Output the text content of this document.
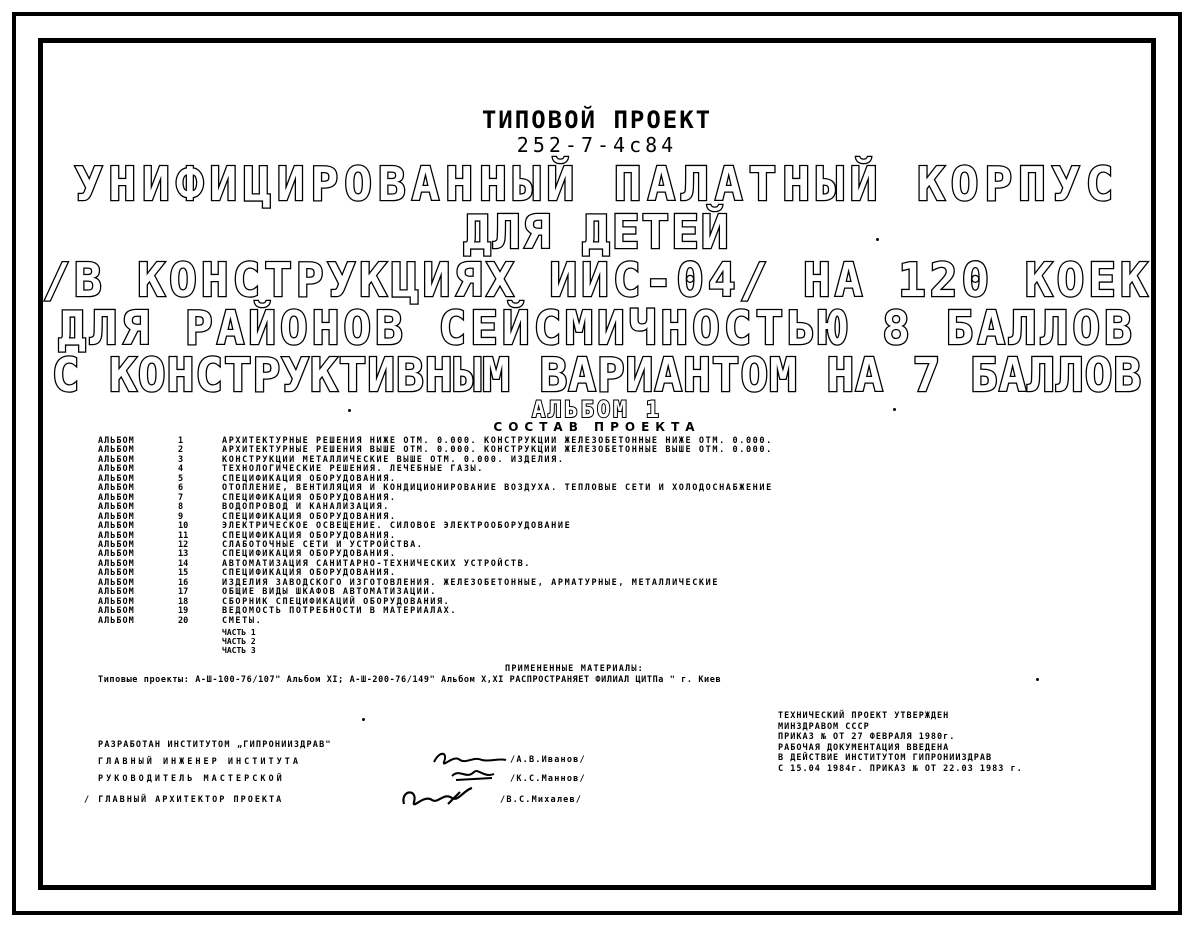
ТИПОВОЙ ПРОЕКТ
252-7-4с84
УНИФИЦИРОВАННЫЙ ПАЛАТНЫЙ КОРПУС
ДЛЯ ДЕТЕЙ
/В КОНСТРУКЦИЯХ ИИС-04/ НА 120 КОЕК
ДЛЯ РАЙОНОВ СЕЙСМИЧНОСТЬЮ 8 БАЛЛОВ
С КОНСТРУКТИВНЫМ ВАРИАНТОМ НА 7 БАЛЛОВ
АЛЬБОМ 1
СОСТАВ ПРОЕКТА
АЛЬБОМ	1	АРХИТЕКТУРНЫЕ РЕШЕНИЯ НИЖЕ ОТМ. 0.000. КОНСТРУКЦИИ ЖЕЛЕЗОБЕТОННЫЕ НИЖЕ ОТМ. 0.000.
АЛЬБОМ	2	АРХИТЕКТУРНЫЕ РЕШЕНИЯ ВЫШЕ ОТМ. 0.000. КОНСТРУКЦИИ ЖЕЛЕЗОБЕТОННЫЕ ВЫШЕ ОТМ. 0.000.
АЛЬБОМ	3	КОНСТРУКЦИИ МЕТАЛЛИЧЕСКИЕ ВЫШЕ ОТМ. 0.000. ИЗДЕЛИЯ.
АЛЬБОМ	4	ТЕХНОЛОГИЧЕСКИЕ РЕШЕНИЯ. ЛЕЧЕБНЫЕ ГАЗЫ.
АЛЬБОМ	5	СПЕЦИФИКАЦИЯ ОБОРУДОВАНИЯ.
АЛЬБОМ	6	ОТОПЛЕНИЕ, ВЕНТИЛЯЦИЯ И КОНДИЦИОНИРОВАНИЕ ВОЗДУХА. ТЕПЛОВЫЕ СЕТИ И ХОЛОДОСНАБЖЕНИЕ
АЛЬБОМ	7	СПЕЦИФИКАЦИЯ ОБОРУДОВАНИЯ.
АЛЬБОМ	8	ВОДОПРОВОД И КАНАЛИЗАЦИЯ.
АЛЬБОМ	9	СПЕЦИФИКАЦИЯ ОБОРУДОВАНИЯ.
АЛЬБОМ	10	ЭЛЕКТРИЧЕСКОЕ ОСВЕЩЕНИЕ. СИЛОВОЕ ЭЛЕКТРООБОРУДОВАНИЕ
АЛЬБОМ	11	СПЕЦИФИКАЦИЯ ОБОРУДОВАНИЯ.
АЛЬБОМ	12	СЛАБОТОЧНЫЕ СЕТИ И УСТРОЙСТВА.
АЛЬБОМ	13	СПЕЦИФИКАЦИЯ ОБОРУДОВАНИЯ.
АЛЬБОМ	14	АВТОМАТИЗАЦИЯ САНИТАРНО-ТЕХНИЧЕСКИХ УСТРОЙСТВ.
АЛЬБОМ	15	СПЕЦИФИКАЦИЯ ОБОРУДОВАНИЯ.
АЛЬБОМ	16	ИЗДЕЛИЯ ЗАВОДСКОГО ИЗГОТОВЛЕНИЯ. ЖЕЛЕЗОБЕТОННЫЕ, АРМАТУРНЫЕ, МЕТАЛЛИЧЕСКИЕ
АЛЬБОМ	17	ОБЩИЕ ВИДЫ ШКАФОВ АВТОМАТИЗАЦИИ.
АЛЬБОМ	18	СБОРНИК СПЕЦИФИКАЦИЙ ОБОРУДОВАНИЯ.
АЛЬБОМ	19	ВЕДОМОСТЬ ПОТРЕБНОСТИ В МАТЕРИАЛАХ.
АЛЬБОМ	20	СМЕТЫ.
ЧАСТЬ 1
ЧАСТЬ 2
ЧАСТЬ 3
ПРИМЕНЕННЫЕ МАТЕРИАЛЫ:
Типовые проекты: А-Ш-100-76/107" Альбом XI; А-Ш-200-76/149" Альбом X,XI РАСПРОСТРАНЯЕТ ФИЛИАЛ ЦИТПа " г. Киев
РАЗРАБОТАН ИНСТИТУТОМ „ГИПРОНИИЗДРАВ"
ГЛАВНЫЙ ИНЖЕНЕР ИНСТИТУТА	/А.В.Иванов/
РУКОВОДИТЕЛЬ МАСТЕРСКОЙ	/К.С.Маннов/
/ ГЛАВНЫЙ АРХИТЕКТОР ПРОЕКТА	/В.С.Михалев/
ТЕХНИЧЕСКИЙ ПРОЕКТ УТВЕРЖДЕН
МИНЗДРАВОМ СССР
ПРИКАЗ № ОТ 27 ФЕВРАЛЯ 1980г.
РАБОЧАЯ ДОКУМЕНТАЦИЯ ВВЕДЕНА
В ДЕЙСТВИЕ ИНСТИТУТОМ ГИПРОНИИЗДРАВ
С 15.04 1984г. ПРИКАЗ № ОТ 22.03 1983 г.
